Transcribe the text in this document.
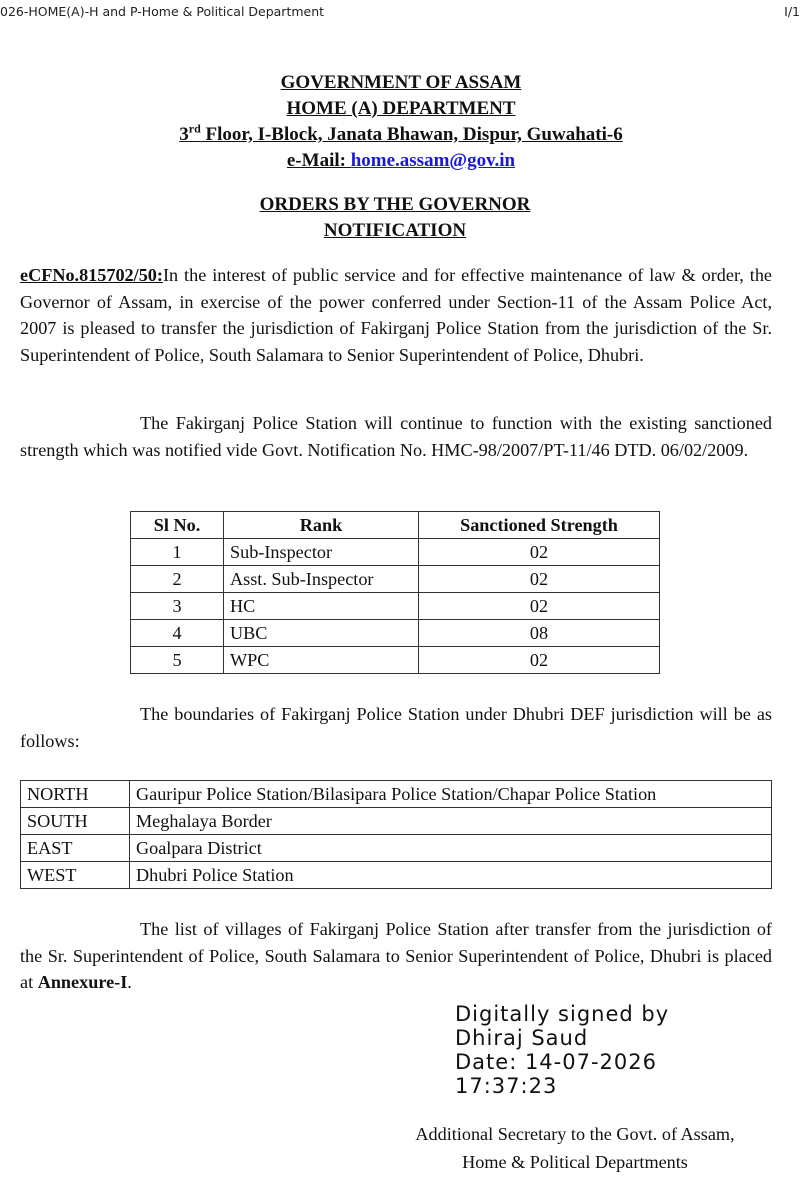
026-HOME(A)-H and P-Home & Political Department	I/1
GOVERNMENT OF ASSAM
HOME (A) DEPARTMENT
3rd Floor, I-Block, Janata Bhawan, Dispur, Guwahati-6
e-Mail: home.assam@gov.in
ORDERS BY THE GOVERNOR
NOTIFICATION
eCFNo.815702/50:In the interest of public service and for effective maintenance of law & order, the Governor of Assam, in exercise of the power conferred under Section-11 of the Assam Police Act, 2007 is pleased to transfer the jurisdiction of Fakirganj Police Station from the jurisdiction of the Sr. Superintendent of Police, South Salamara to Senior Superintendent of Police, Dhubri.
The Fakirganj Police Station will continue to function with the existing sanctioned strength which was notified vide Govt. Notification No. HMC-98/2007/PT-11/46 DTD. 06/02/2009.
Sl No.	Rank	Sanctioned Strength
1	Sub-Inspector	02
2	Asst. Sub-Inspector	02
3	HC	02
4	UBC	08
5	WPC	02
The boundaries of Fakirganj Police Station under Dhubri DEF jurisdiction will be as follows:
NORTH	Gauripur Police Station/Bilasipara Police Station/Chapar Police Station
SOUTH	Meghalaya Border
EAST	Goalpara District
WEST	Dhubri Police Station
The list of villages of Fakirganj Police Station after transfer from the jurisdiction of the Sr. Superintendent of Police, South Salamara to Senior Superintendent of Police, Dhubri is placed at Annexure-I.
Digitally signed by
Dhiraj Saud
Date: 14-07-2026
17:37:23
Additional Secretary to the Govt. of Assam,
Home & Political Departments
